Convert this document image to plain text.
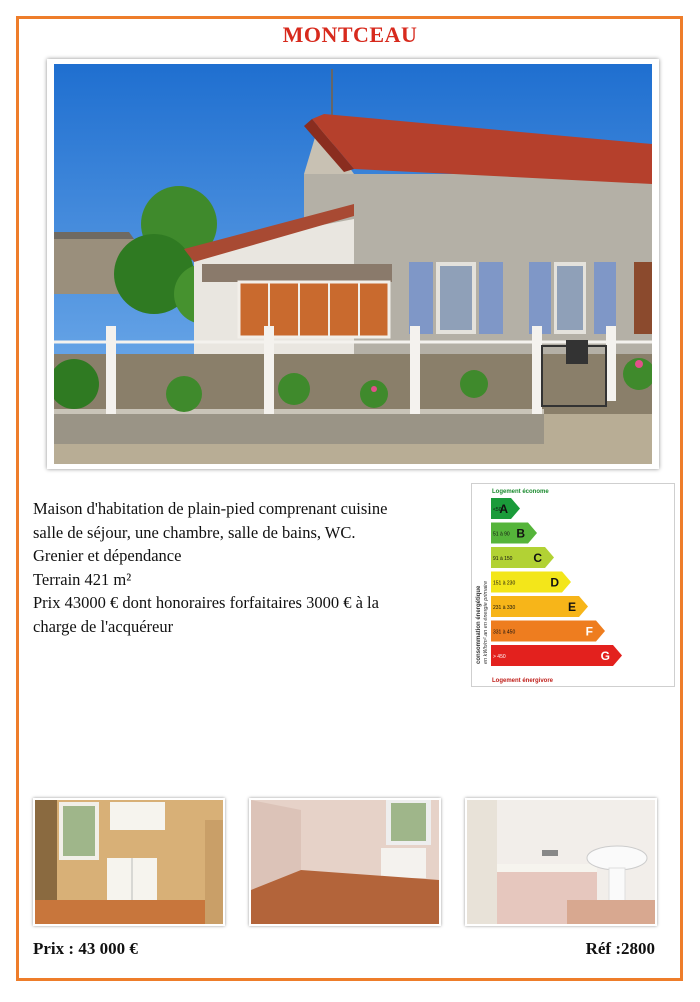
MONTCEAU
Maison d'habitation de plain-pied comprenant cuisine
salle de séjour, une chambre, salle de bains, WC.
Grenier et dépendance
Terrain 421 m²
Prix 43000 € dont honoraires forfaitaires 3000 € à la
charge de l'acquéreur
Logement économe
consommation énergétique en kWh/m².an en énergie primaire
<50
A
51 à 90 B
91 à 150 C
151 à 230	D
231 à 330	E
331 à 450	F
> 450	G
Logement énergivore
Prix : 43 000 €	Réf :2800
